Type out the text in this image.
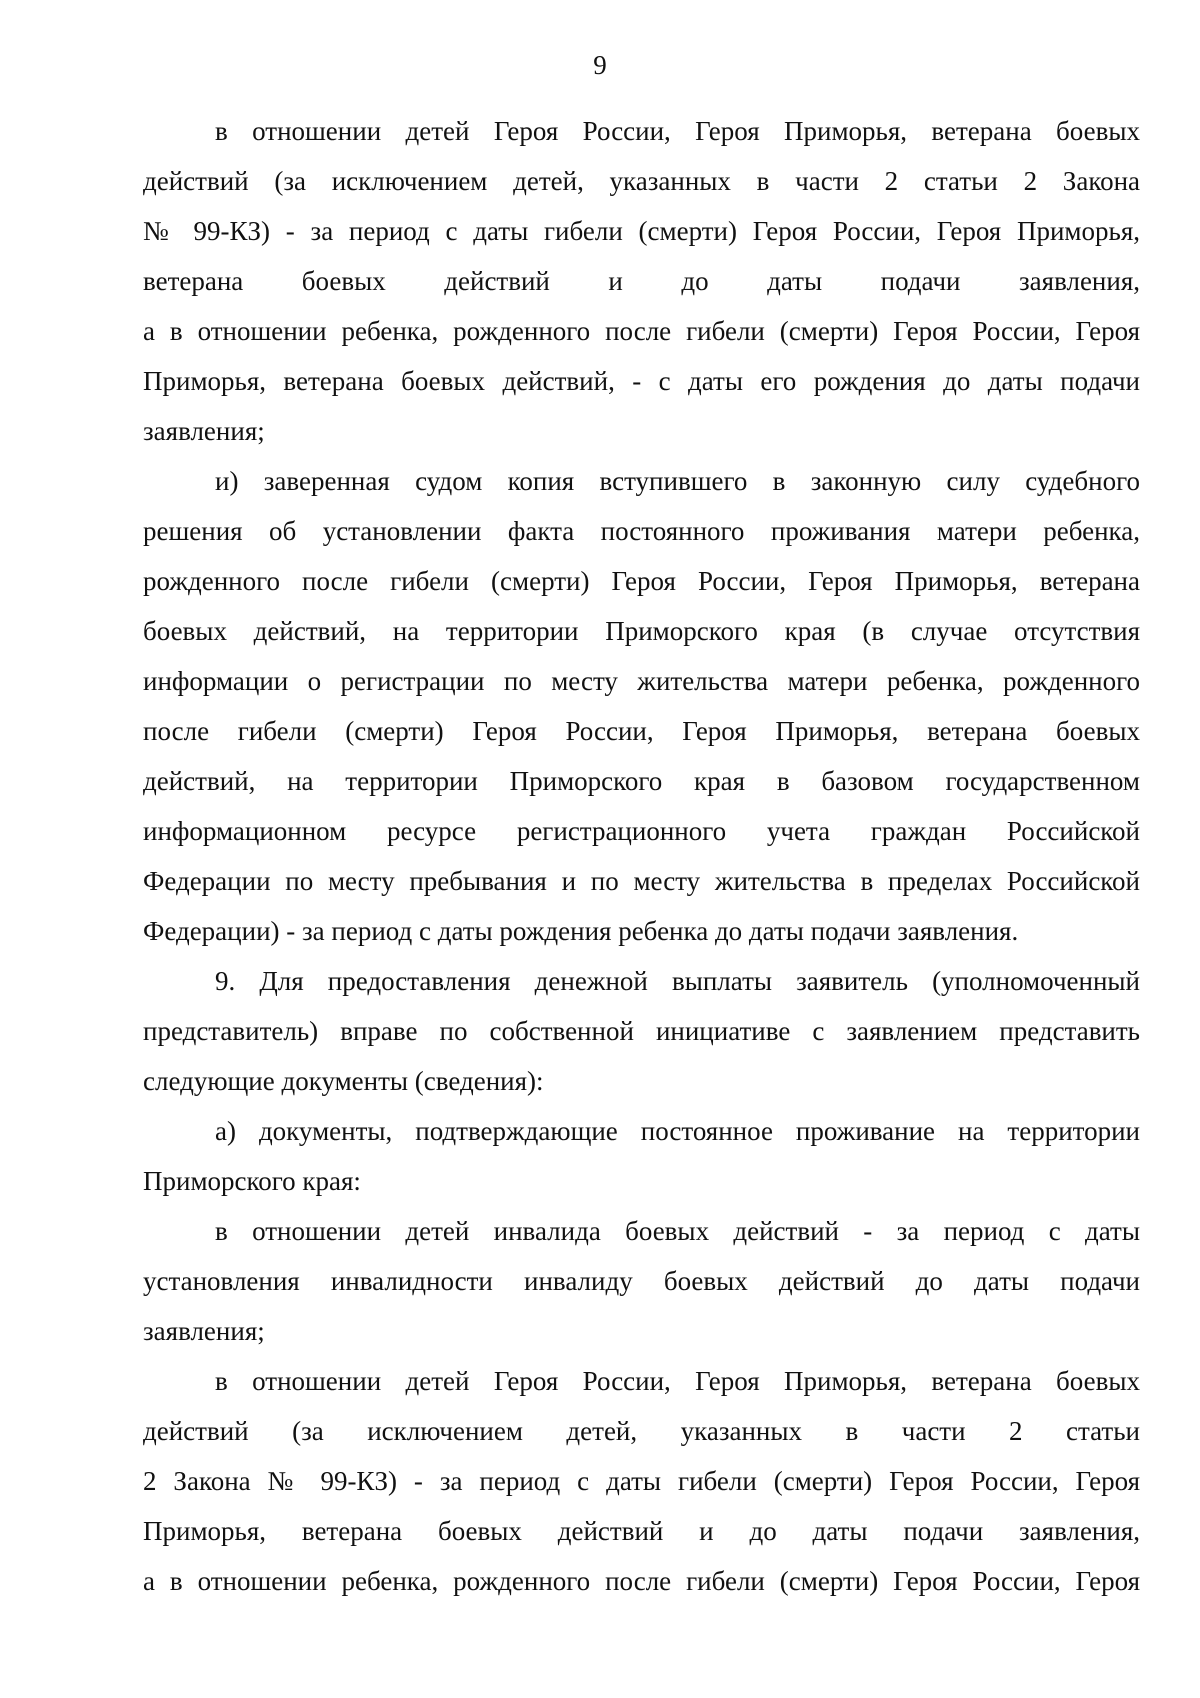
9
в отношении детей Героя России, Героя Приморья, ветерана боевых
действий (за исключением детей, указанных в части 2 статьи 2 Закона
№ 99-КЗ) - за период с даты гибели (смерти) Героя России, Героя Приморья,
ветерана боевых действий и до даты подачи заявления,
а в отношении ребенка, рожденного после гибели (смерти) Героя России, Героя
Приморья, ветерана боевых действий, - с даты его рождения до даты подачи
заявления;
и) заверенная судом копия вступившего в законную силу судебного
решения об установлении факта постоянного проживания матери ребенка,
рожденного после гибели (смерти) Героя России, Героя Приморья, ветерана
боевых действий, на территории Приморского края (в случае отсутствия
информации о регистрации по месту жительства матери ребенка, рожденного
после гибели (смерти) Героя России, Героя Приморья, ветерана боевых
действий, на территории Приморского края в базовом государственном
информационном ресурсе регистрационного учета граждан Российской
Федерации по месту пребывания и по месту жительства в пределах Российской
Федерации) - за период с даты рождения ребенка до даты подачи заявления.
9. Для предоставления денежной выплаты заявитель (уполномоченный
представитель) вправе по собственной инициативе с заявлением представить
следующие документы (сведения):
а) документы, подтверждающие постоянное проживание на территории
Приморского края:
в отношении детей инвалида боевых действий - за период с даты
установления инвалидности инвалиду боевых действий до даты подачи
заявления;
в отношении детей Героя России, Героя Приморья, ветерана боевых
действий (за исключением детей, указанных в части 2 статьи
2 Закона № 99-КЗ) - за период с даты гибели (смерти) Героя России, Героя
Приморья, ветерана боевых действий и до даты подачи заявления,
а в отношении ребенка, рожденного после гибели (смерти) Героя России, Героя
